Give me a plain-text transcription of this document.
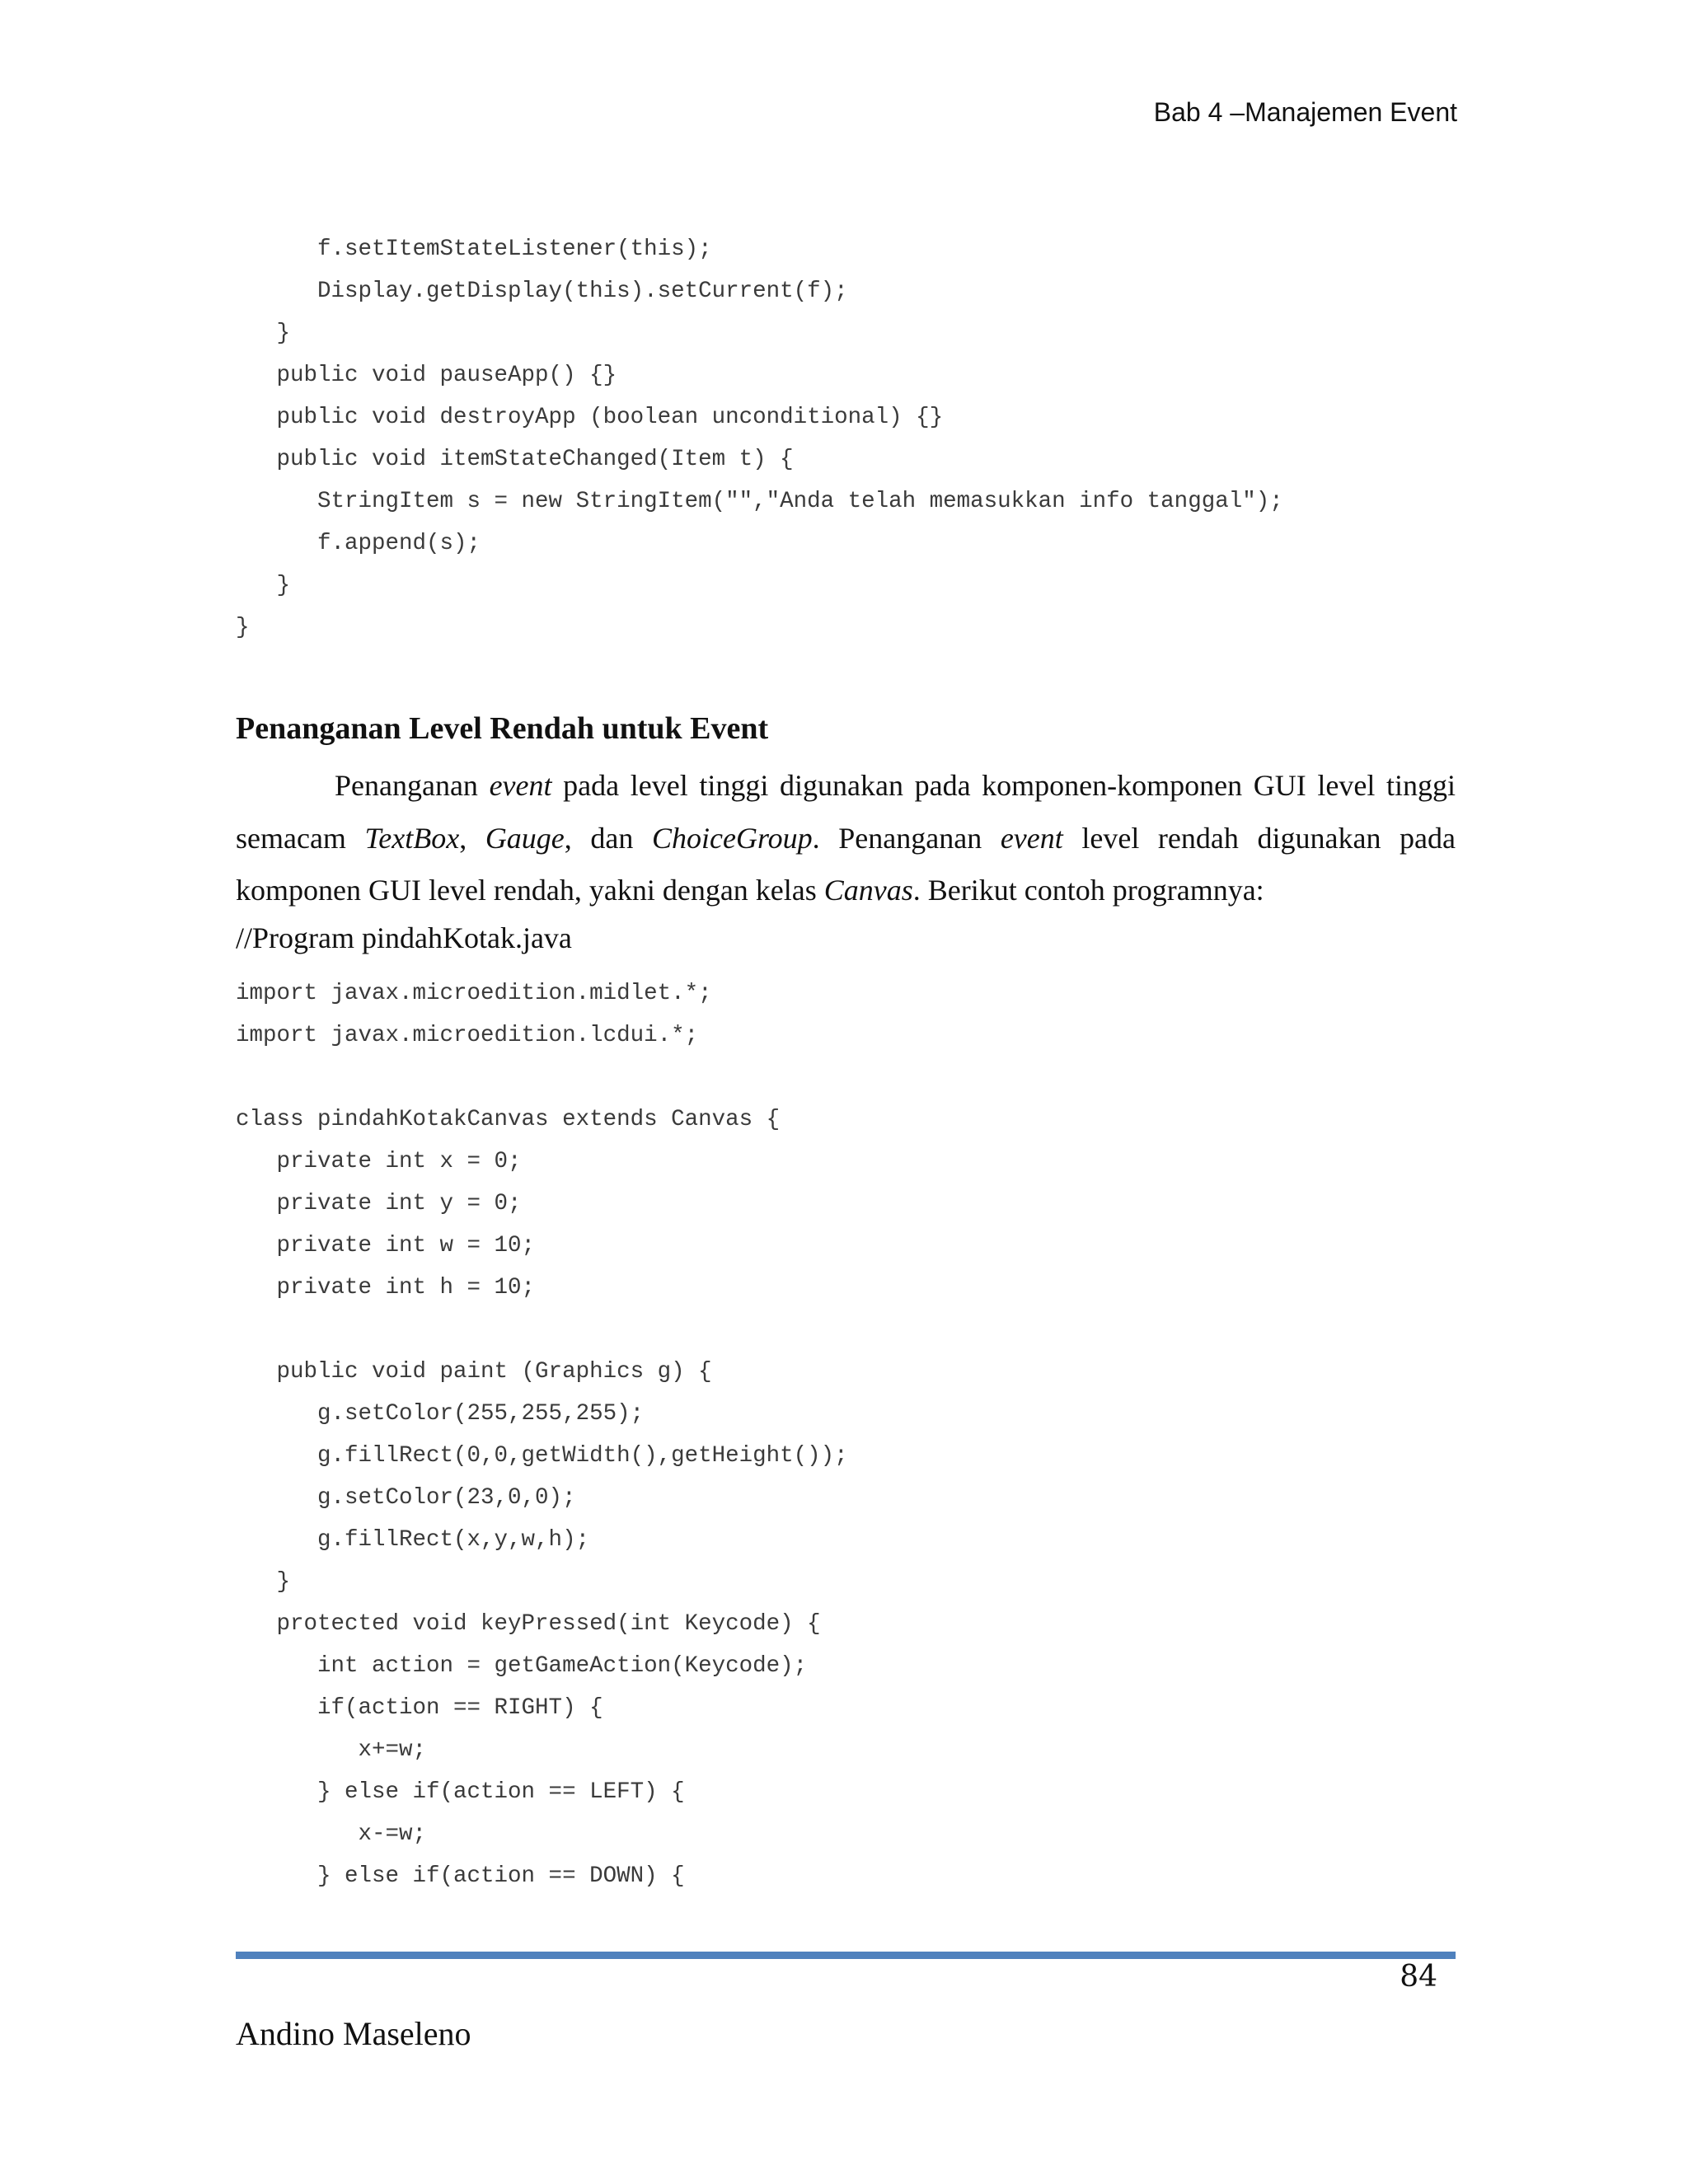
Bab 4 –Manajemen Event
f.setItemStateListener(this);
Display.getDisplay(this).setCurrent(f);
}
public void pauseApp() {}
public void destroyApp (boolean unconditional) {}
public void itemStateChanged(Item t) {
StringItem s = new StringItem("","Anda telah memasukkan info tanggal");
f.append(s);
}
}
Penanganan Level Rendah untuk Event

Penanganan event pada level tinggi digunakan pada komponen-komponen GUI level tinggi
semacam TextBox, Gauge, dan ChoiceGroup. Penanganan event level rendah digunakan pada
komponen GUI level rendah, yakni dengan kelas Canvas. Berikut contoh programnya:

//Program pindahKotak.java
import javax.microedition.midlet.*;
import javax.microedition.lcdui.*;
class pindahKotakCanvas extends Canvas {
private int x = 0;
private int y = 0;
private int w = 10;
private int h = 10;
public void paint (Graphics g) {
g.setColor(255,255,255);
g.fillRect(0,0,getWidth(),getHeight());
g.setColor(23,0,0);
g.fillRect(x,y,w,h);
}
protected void keyPressed(int Keycode) {
int action = getGameAction(Keycode);
if(action == RIGHT) {
x+=w;
} else if(action == LEFT) {
x-=w;
} else if(action == DOWN) {
84
Andino Maseleno
